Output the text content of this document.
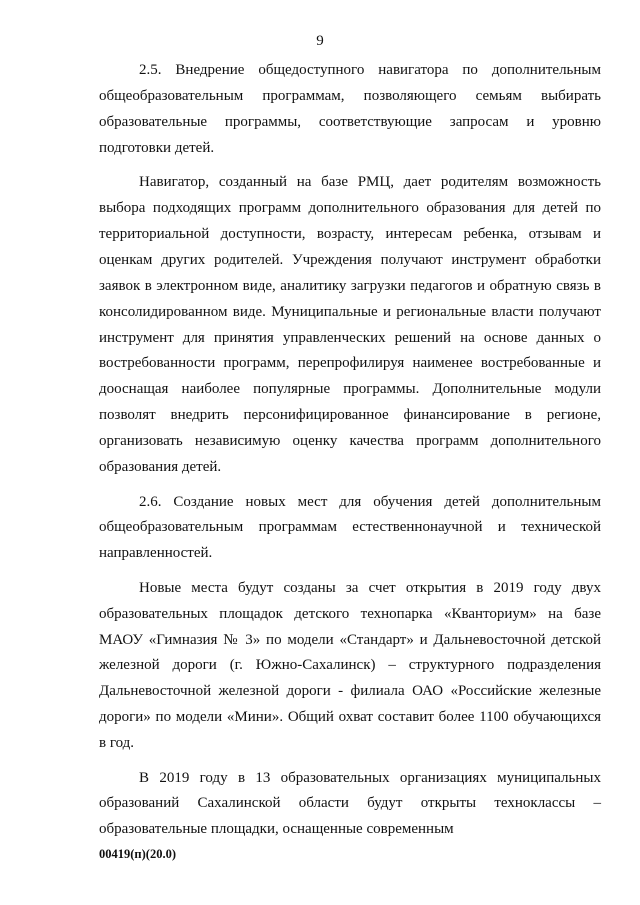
9

2.5. Внедрение общедоступного навигатора по дополнительным общеобразовательным программам, позволяющего семьям выбирать образовательные программы, соответствующие запросам и уровню подготовки детей.

Навигатор, созданный на базе РМЦ, дает родителям возможность выбора подходящих программ дополнительного образования для детей по территориальной доступности, возрасту, интересам ребенка, отзывам и оценкам других родителей. Учреждения получают инструмент обработки заявок в электронном виде, аналитику загрузки педагогов и обратную связь в консолидированном виде. Муниципальные и региональные власти получают инструмент для принятия управленческих решений на основе данных о востребованности программ, перепрофилируя наименее востребованные и дооснащая наиболее популярные программы. Дополнительные модули позволят внедрить персонифицированное финансирование в регионе, организовать независимую оценку качества программ дополнительного образования детей.

2.6. Создание новых мест для обучения детей дополнительным общеобразовательным программам естественнонаучной и технической направленностей.

Новые места будут созданы за счет открытия в 2019 году двух образовательных площадок детского технопарка «Кванториум» на базе МАОУ «Гимназия № 3» по модели «Стандарт» и Дальневосточной детской железной дороги (г. Южно-Сахалинск) – структурного подразделения Дальневосточной железной дороги - филиала ОАО «Российские железные дороги» по модели «Мини». Общий охват составит более 1100 обучающихся в год.

В 2019 году в 13 образовательных организациях муниципальных образований Сахалинской области будут открыты технокласcы – образовательные площадки, оснащенные современным

00419(п)(20.0)
